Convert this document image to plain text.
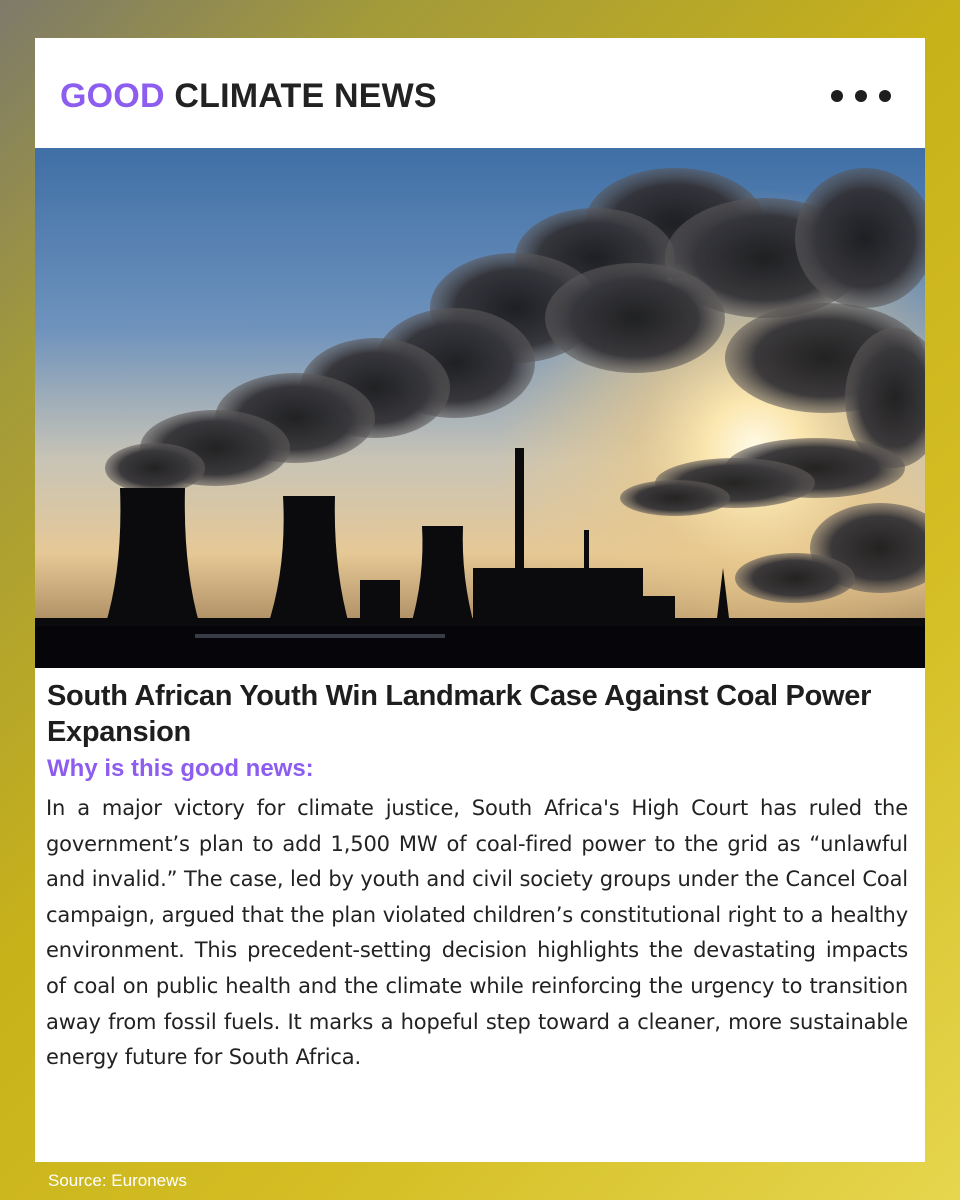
GOOD CLIMATE NEWS
South African Youth Win Landmark Case Against Coal Power Expansion
Why is this good news:

In a major victory for climate justice, South Africa's High Court has ruled the government’s plan to add 1,500 MW of coal-fired power to the grid as “unlawful and invalid.” The case, led by youth and civil society groups under the Cancel Coal campaign, argued that the plan violated children’s constitutional right to a healthy environment. This precedent-setting decision highlights the devastating impacts of coal on public health and the climate while reinforcing the urgency to transition away from fossil fuels. It marks a hopeful step toward a cleaner, more sustainable energy future for South Africa.

Source: Euronews
